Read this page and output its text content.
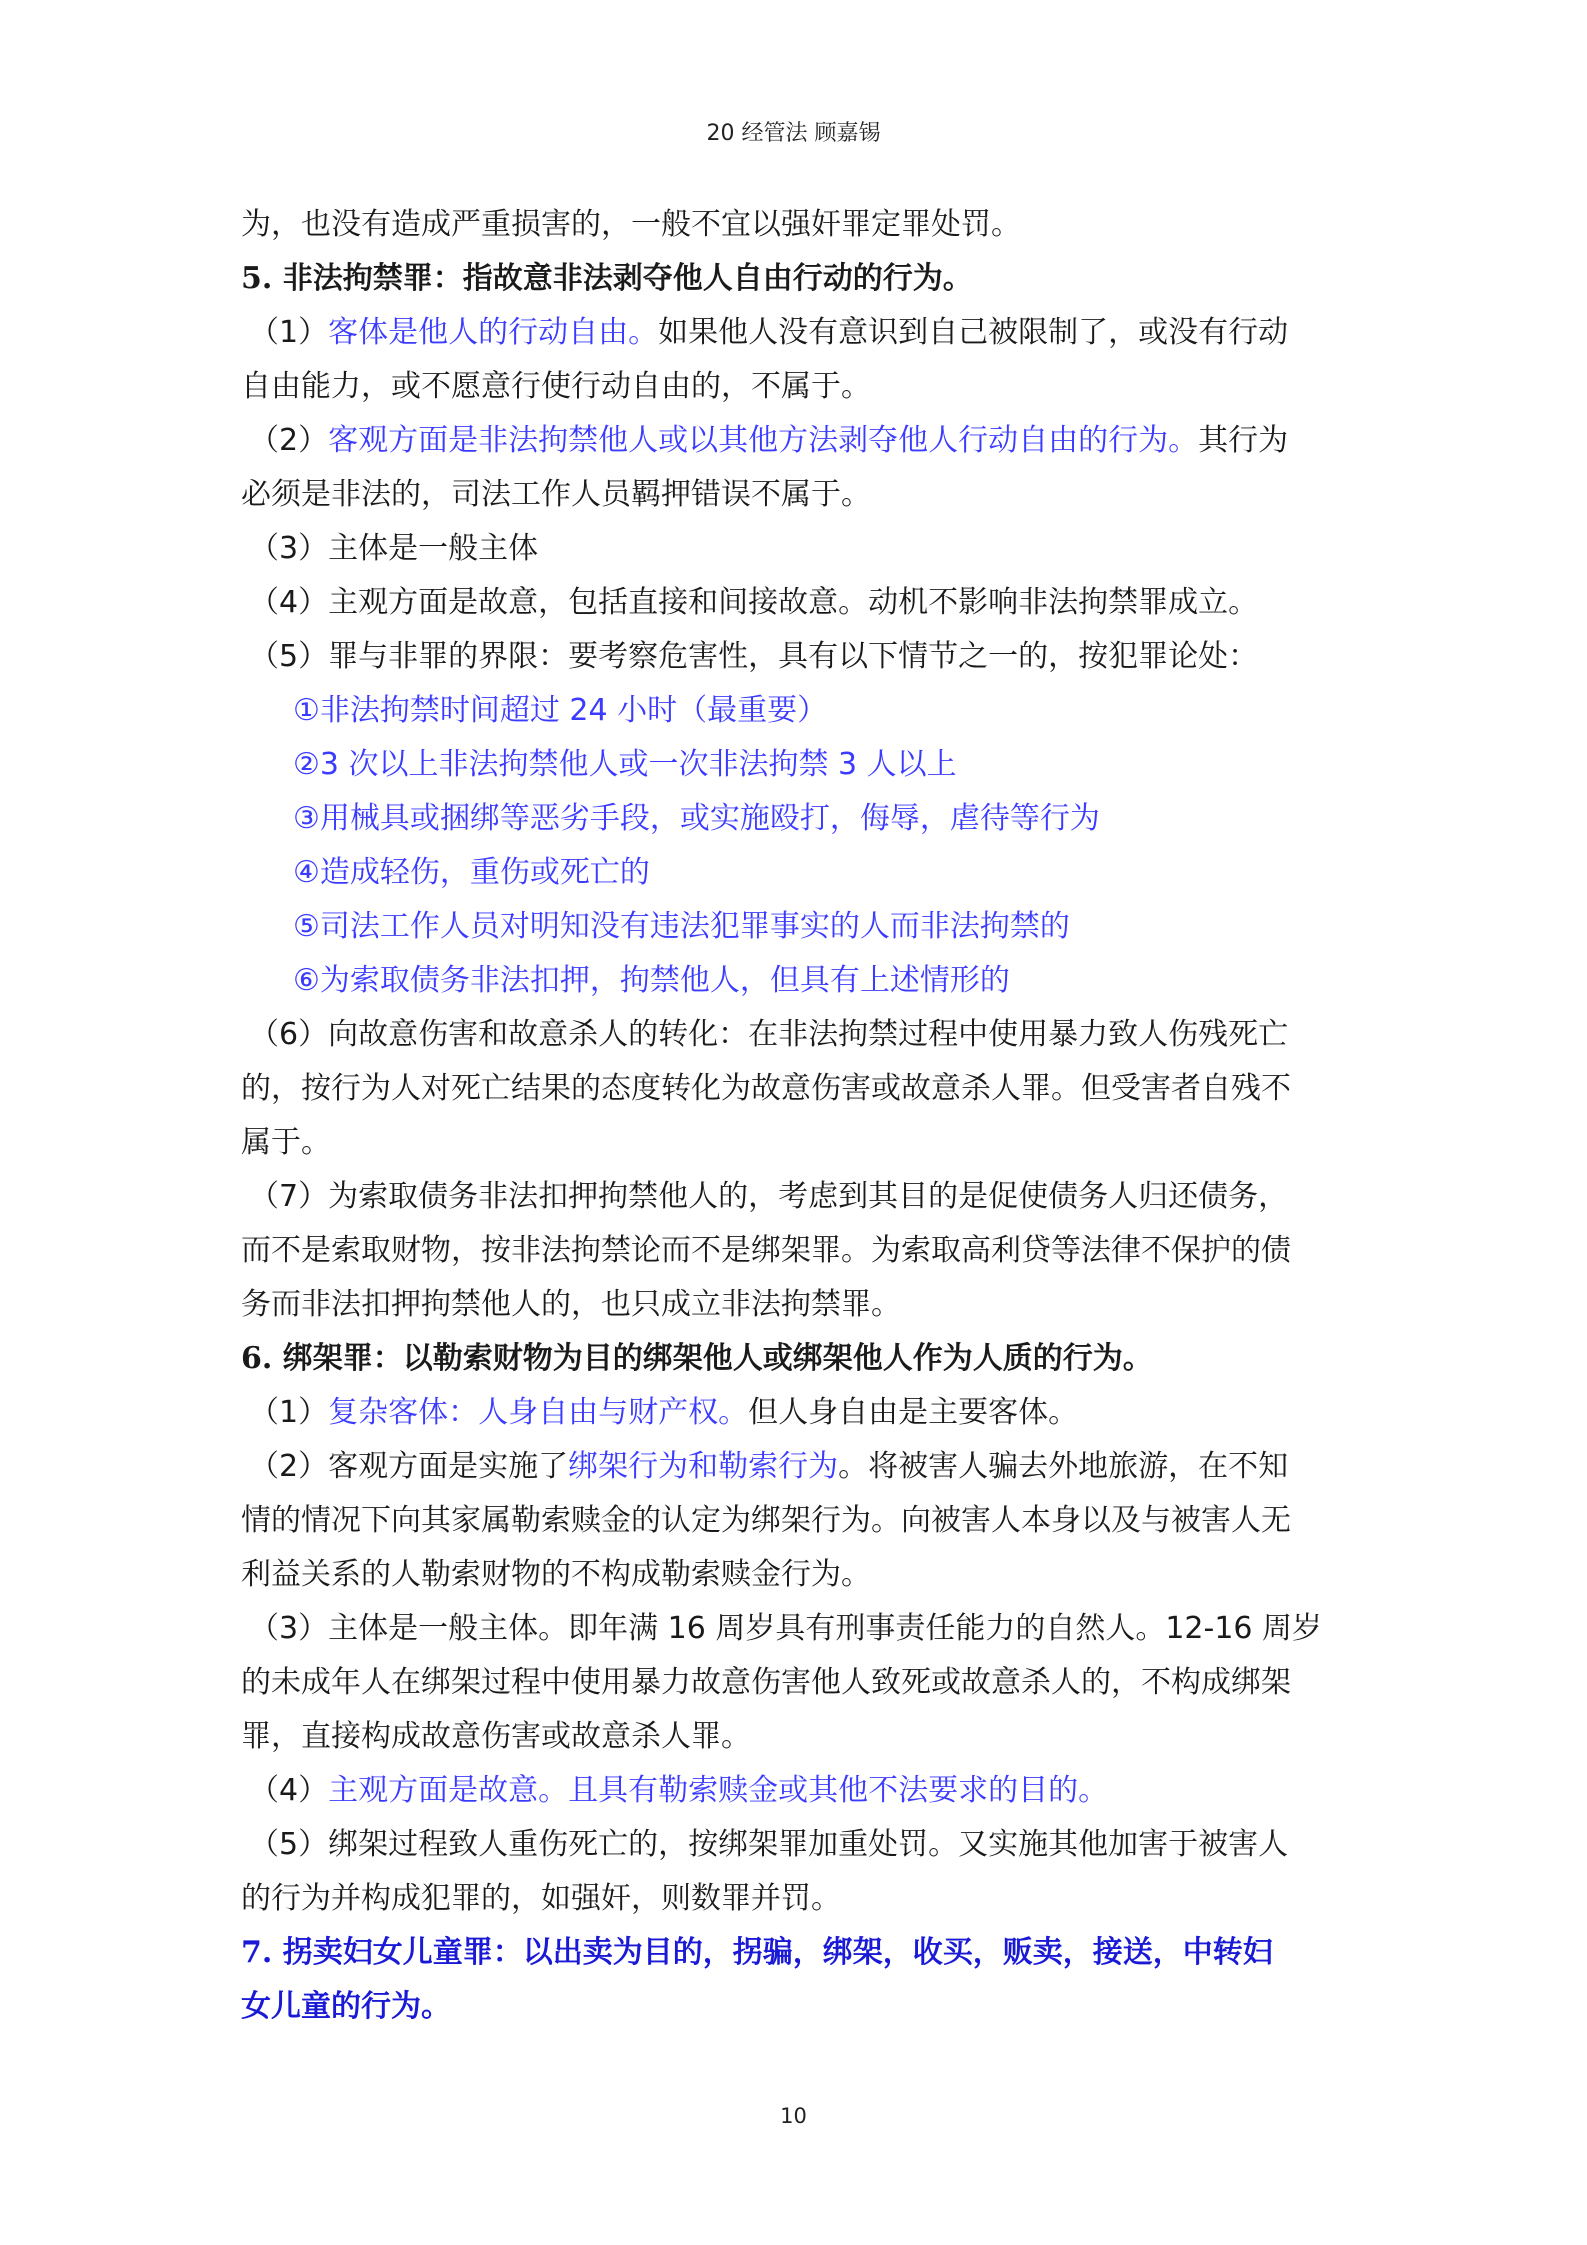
20 经管法 顾嘉锡
为，也没有造成严重损害的，一般不宜以强奸罪定罪处罚。
5. 非法拘禁罪：指故意非法剥夺他人自由行动的行为。
（1）客体是他人的行动自由。如果他人没有意识到自己被限制了，或没有行动
自由能力，或不愿意行使行动自由的，不属于。
（2）客观方面是非法拘禁他人或以其他方法剥夺他人行动自由的行为。其行为
必须是非法的，司法工作人员羁押错误不属于。
（3）主体是一般主体
（4）主观方面是故意，包括直接和间接故意。动机不影响非法拘禁罪成立。
（5）罪与非罪的界限：要考察危害性，具有以下情节之一的，按犯罪论处：
①非法拘禁时间超过 24 小时（最重要）
②3 次以上非法拘禁他人或一次非法拘禁 3 人以上
③用械具或捆绑等恶劣手段，或实施殴打，侮辱，虐待等行为
④造成轻伤，重伤或死亡的
⑤司法工作人员对明知没有违法犯罪事实的人而非法拘禁的
⑥为索取债务非法扣押，拘禁他人，但具有上述情形的
（6）向故意伤害和故意杀人的转化：在非法拘禁过程中使用暴力致人伤残死亡
的，按行为人对死亡结果的态度转化为故意伤害或故意杀人罪。但受害者自残不
属于。
（7）为索取债务非法扣押拘禁他人的，考虑到其目的是促使债务人归还债务，
而不是索取财物，按非法拘禁论而不是绑架罪。为索取高利贷等法律不保护的债
务而非法扣押拘禁他人的，也只成立非法拘禁罪。
6. 绑架罪：以勒索财物为目的绑架他人或绑架他人作为人质的行为。
（1）复杂客体：人身自由与财产权。但人身自由是主要客体。
（2）客观方面是实施了绑架行为和勒索行为。将被害人骗去外地旅游，在不知
情的情况下向其家属勒索赎金的认定为绑架行为。向被害人本身以及与被害人无
利益关系的人勒索财物的不构成勒索赎金行为。
（3）主体是一般主体。即年满 16 周岁具有刑事责任能力的自然人。12-16 周岁
的未成年人在绑架过程中使用暴力故意伤害他人致死或故意杀人的，不构成绑架
罪，直接构成故意伤害或故意杀人罪。
（4）主观方面是故意。且具有勒索赎金或其他不法要求的目的。
（5）绑架过程致人重伤死亡的，按绑架罪加重处罚。又实施其他加害于被害人
的行为并构成犯罪的，如强奸，则数罪并罚。
7. 拐卖妇女儿童罪：以出卖为目的，拐骗，绑架，收买，贩卖，接送，中转妇
女儿童的行为。
10
